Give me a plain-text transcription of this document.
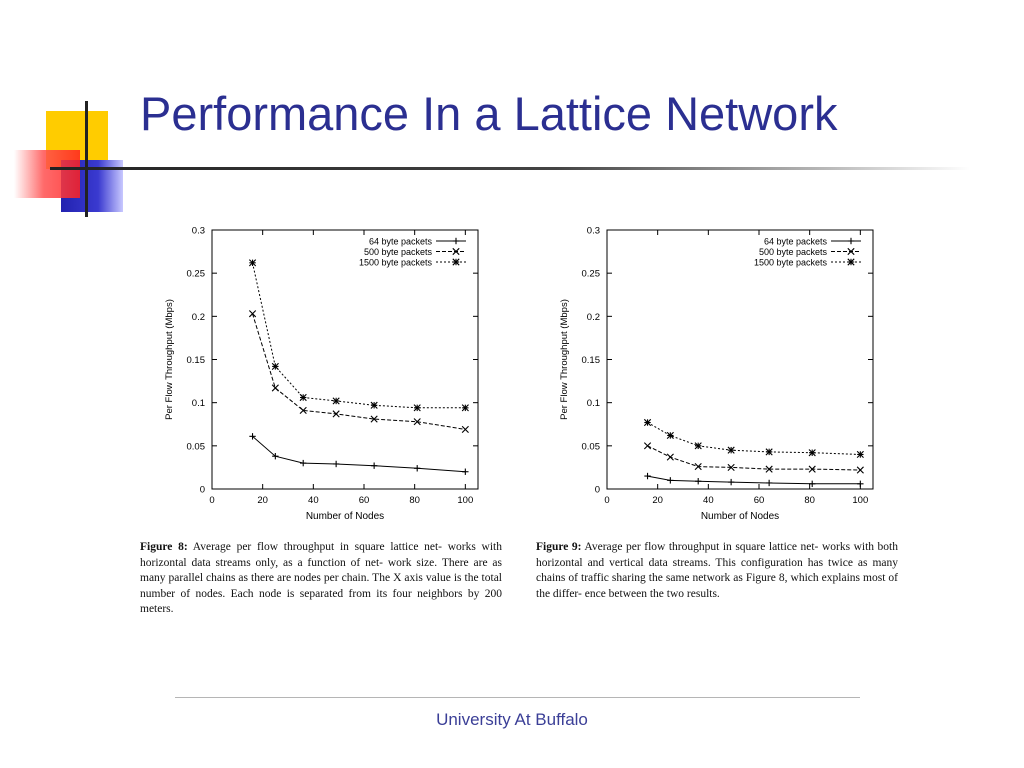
Performance In a Lattice Network
0
0.05
0.1
0.15
0.2
0.25
0.3
0	20	40	60	80	100
Number of Nodes
Per Flow Throughput (Mbps)
64 byte packets
500 byte packets
1500 byte packets
0
0.05
0.1
0.15
0.2
0.25
0.3
0	20	40	60	80	100
Number of Nodes
Per Flow Throughput (Mbps)
64 byte packets
500 byte packets
1500 byte packets
Figure 8: Average per flow throughput in square lattice net- works with horizontal data streams only, as a function of net- work size. There are as many parallel chains as there are nodes per chain. The X axis value is the total number of nodes. Each node is separated from its four neighbors by 200 meters.
Figure 9: Average per flow throughput in square lattice net- works with both horizontal and vertical data streams. This configuration has twice as many chains of traffic sharing the same network as Figure 8, which explains most of the differ- ence between the two results.
University At Buffalo
